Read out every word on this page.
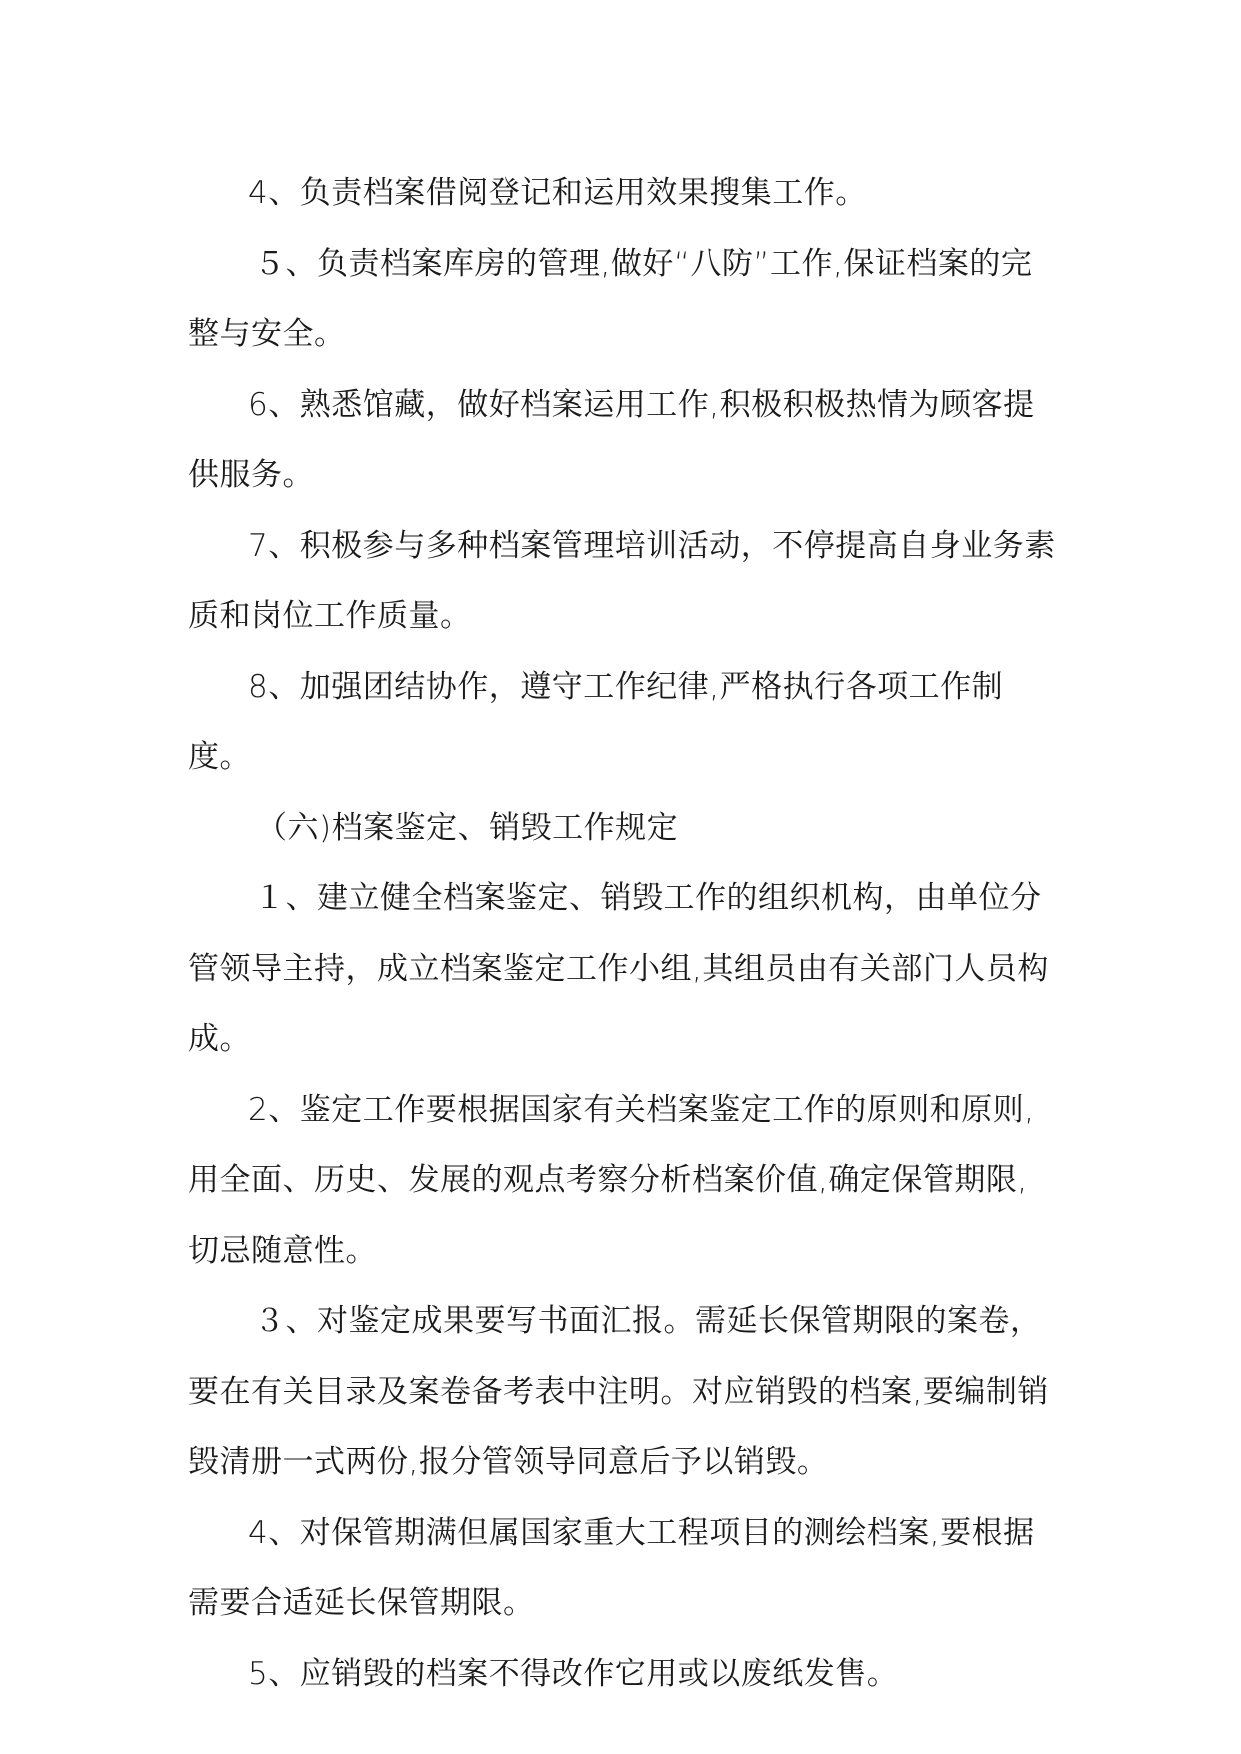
4、负责档案借阅登记和运用效果搜集工作。

５、负责档案库房的管理,做好“八防”工作,保证档案的完整与安全。

6、熟悉馆藏，做好档案运用工作,积极积极热情为顾客提供服务。

7、积极参与多种档案管理培训活动，不停提高自身业务素质和岗位工作质量。

8、加强团结协作，遵守工作纪律,严格执行各项工作制度。

（六)档案鉴定、销毁工作规定

１、建立健全档案鉴定、销毁工作的组织机构，由单位分管领导主持，成立档案鉴定工作小组,其组员由有关部门人员构成。

2、鉴定工作要根据国家有关档案鉴定工作的原则和原则,用全面、历史、发展的观点考察分析档案价值,确定保管期限,切忌随意性。

３、对鉴定成果要写书面汇报。需延长保管期限的案卷，要在有关目录及案卷备考表中注明。对应销毁的档案,要编制销毁清册一式两份,报分管领导同意后予以销毁。

4、对保管期满但属国家重大工程项目的测绘档案,要根据需要合适延长保管期限。

5、应销毁的档案不得改作它用或以废纸发售。
